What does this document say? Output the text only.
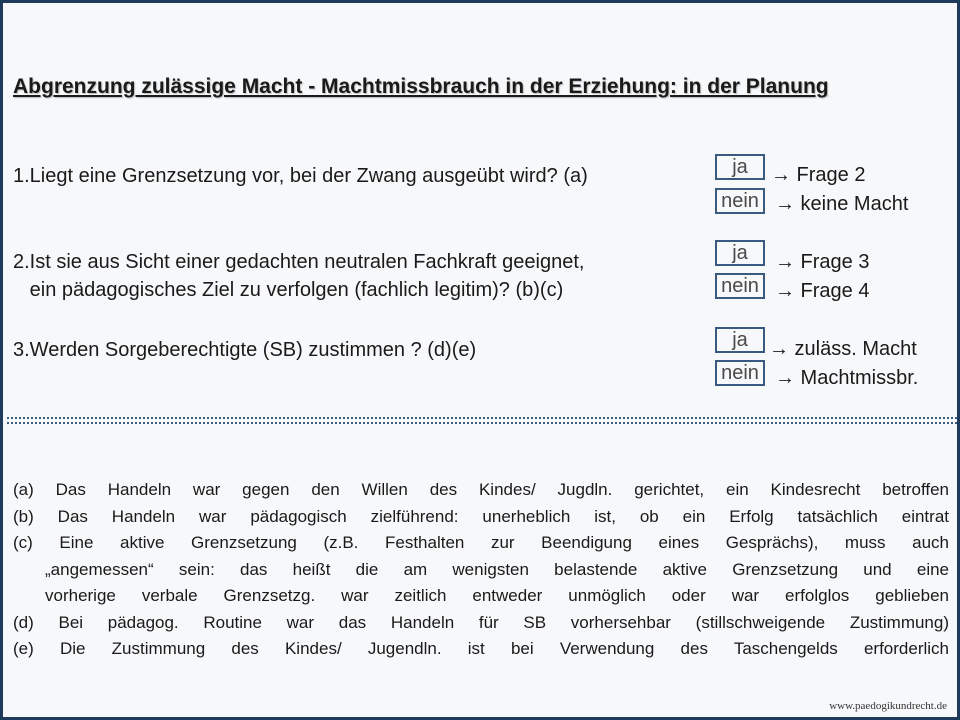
Abgrenzung zulässige Macht - Machtmissbrauch in der Erziehung: in der Planung
1.Liegt eine Grenzsetzung vor, bei der Zwang ausgeübt wird? (a)	ja
nein
→ Frage 2
→ keine Macht
2.Ist sie aus Sicht einer gedachten neutralen Fachkraft geeignet,
ein pädagogisches Ziel zu verfolgen (fachlich legitim)? (b)(c)
ja
nein
→ Frage 3
→ Frage 4
3.Werden Sorgeberechtigte (SB) zustimmen ? (d)(e)	ja
nein
→ zuläss. Macht
→ Machtmissbr.
(a) Das Handeln war gegen den Willen des Kindes/ Jugdln. gerichtet, ein Kindesrecht betroffen
(b) Das Handeln war pädagogisch zielführend: unerheblich ist, ob ein Erfolg tatsächlich eintrat
(c) Eine aktive Grenzsetzung (z.B. Festhalten zur Beendigung eines Gesprächs), muss auch
„angemessen“ sein: das heißt die am wenigsten belastende aktive Grenzsetzung und eine
vorherige verbale Grenzsetzg. war zeitlich entweder unmöglich oder war erfolglos geblieben
(d) Bei pädagog. Routine war das Handeln für SB vorhersehbar (stillschweigende Zustimmung)
(e) Die Zustimmung des Kindes/ Jugendln. ist bei Verwendung des Taschengelds erforderlich
www.paedogikundrecht.de
